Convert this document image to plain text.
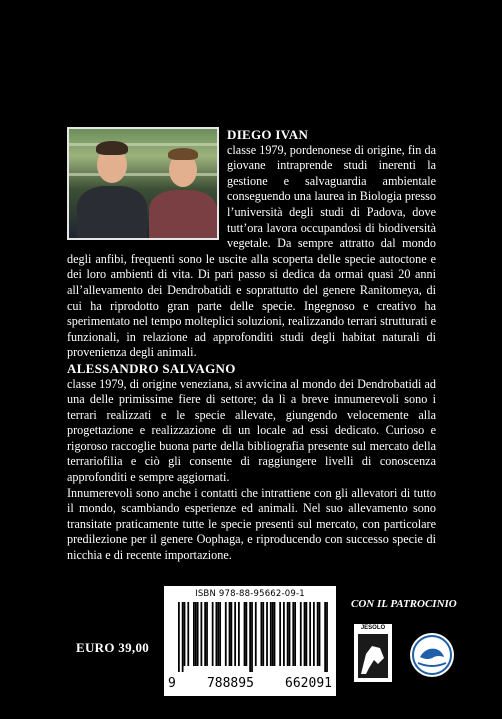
DIEGO IVAN

classe 1979, pordenonese di origine, fin da giovane intraprende studi inerenti la gestione e salvaguardia ambientale conseguendo una laurea in Biologia presso l’università degli studi di Padova, dove tutt’ora lavora occupandosi di biodiversità vegetale. Da sempre attratto dal mondo degli anfibi, frequenti sono le uscite alla scoperta delle specie autoctone e dei loro ambienti di vita. Di pari passo si dedica da ormai quasi 20 anni all’allevamento dei Dendrobatidi e soprattutto del genere Ranitomeya, di cui ha riprodotto gran parte delle specie. Ingegnoso e creativo ha sperimentato nel tempo molteplici soluzioni, realizzando terrari strutturati e funzionali, in relazione ad approfonditi studi degli habitat naturali di provenienza degli animali.

ALESSANDRO SALVAGNO

classe 1979, di origine veneziana, si avvicina al mondo dei Dendrobatidi ad una delle primissime fiere di settore; da lì a breve innumerevoli sono i terrari realizzati e le specie allevate, giungendo velocemente alla progettazione e realizzazione di un locale ad essi dedicato. Curioso e rigoroso raccoglie buona parte della bibliografia presente sul mercato della terrariofilia e ciò gli consente di raggiungere livelli di conoscenza approfonditi e sempre aggiornati.

Innumerevoli sono anche i contatti che intrattiene con gli allevatori di tutto il mondo, scambiando esperienze ed animali. Nel suo allevamento sono transitate praticamente tutte le specie presenti sul mercato, con particolare predilezione per il genere Oophaga, e riproducendo con successo specie di nicchia e di recente importazione.

ISBN 978-88-95662-09-1
9 788895 662091
EURO 39,00
CON IL PATROCINIO
JESOLO
